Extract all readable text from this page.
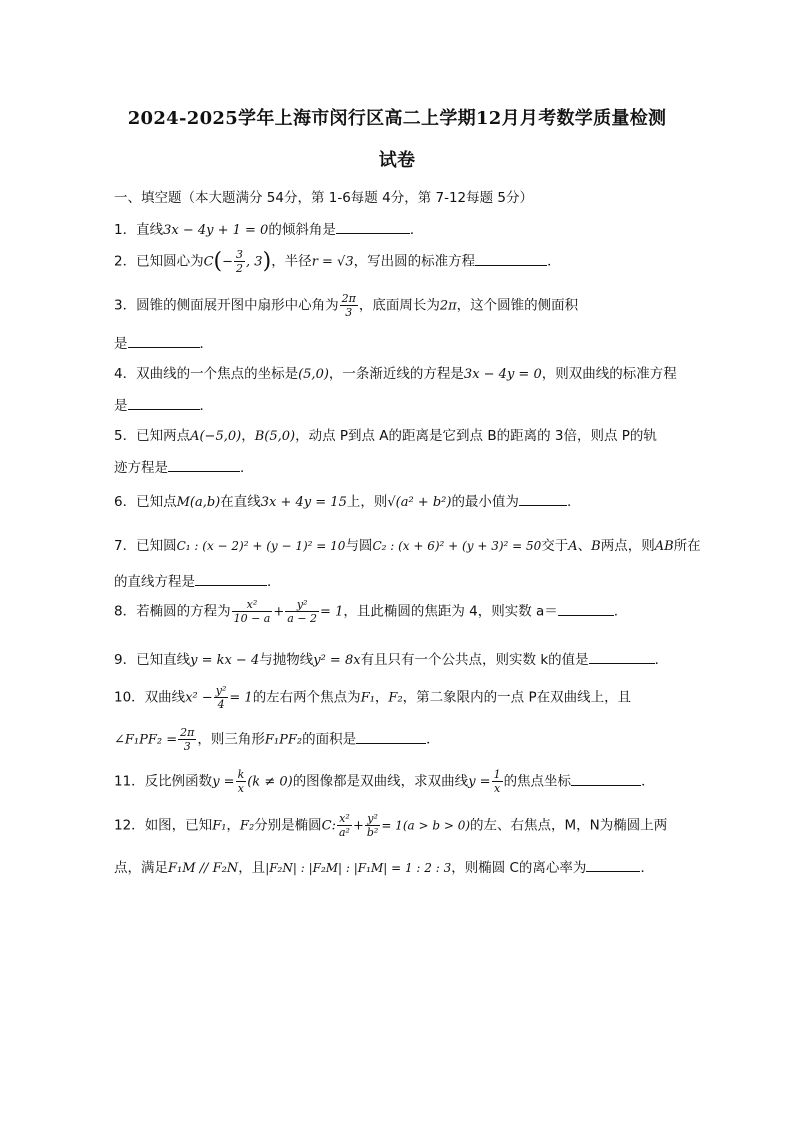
2024-2025学年上海市闵行区高二上学期12月月考数学质量检测
试卷
一、填空题（本大题满分 54分，第 1-6每题 4分，第 7-12每题 5分）
1．直线3x − 4y + 1 = 0的倾斜角是	．
2．已知圆心为$C(- \frac{3}{2}$ , 3)，半径r = √3，写出圆的标准方程	．
3．圆锥的侧面展开图中扇形中心角为 $\frac{2\pi}{3}$ ，底面周长为2π，这个圆锥的侧面积
是	．
4．双曲线的一个焦点的坐标是(5,0)，一条渐近线的方程是3x − 4y = 0，则双曲线的标准方程
是	．
5．已知两点A(−5,0)，B(5,0)，动点 P到点 A的距离是它到点 B的距离的 3倍，则点 P的轨
迹方程是	．
6．已知点M(a,b)在直线3x + 4y = 15上，则√(a² + b²)的最小值为	.
7．已知圆C₁ : (x − 2)² + (y − 1)² = 10与圆C₂ : (x + 6)² + (y + 3)² = 50交于A、B两点，则AB所在
的直线方程是	．
8．若椭圆的方程为 $\frac{\text{x²}}{10 - a} + \frac{\text{y²}}{a - 2} = 1$，且此椭圆的焦距为 4，则实数 a＝	.
9．已知直线y = kx − 4与抛物线y² = 8x有且只有一个公共点，则实数 k的值是	．
10．双曲线$x^2 - \frac{\text{y²}}{4} = 1$的左右两个焦点为F₁，F₂，第二象限内的一点 P在双曲线上，且
∠F₁PF₂ = $\frac{2\pi}{3}$ ，则三角形F₁PF₂的面积是	．
11．反比例函数$y = \frac{k}{x} (k \ne 0)$的图像都是双曲线，求双曲线$y = \frac{1}{x}$ 的焦点坐标	．
12．如图，已知F₁，F₂分别是椭圆C: $\frac{\text{x²}}{\text{a²}} + \frac{\text{y²}}{\text{b²}} = 1(a > b > 0)$的左、右焦点，M，N为椭圆上两
点，满足F₁M // F₂N，且|F₂N| : |F₂M| : |F₁M| = 1 : 2 : 3，则椭圆 C的离心率为	．
